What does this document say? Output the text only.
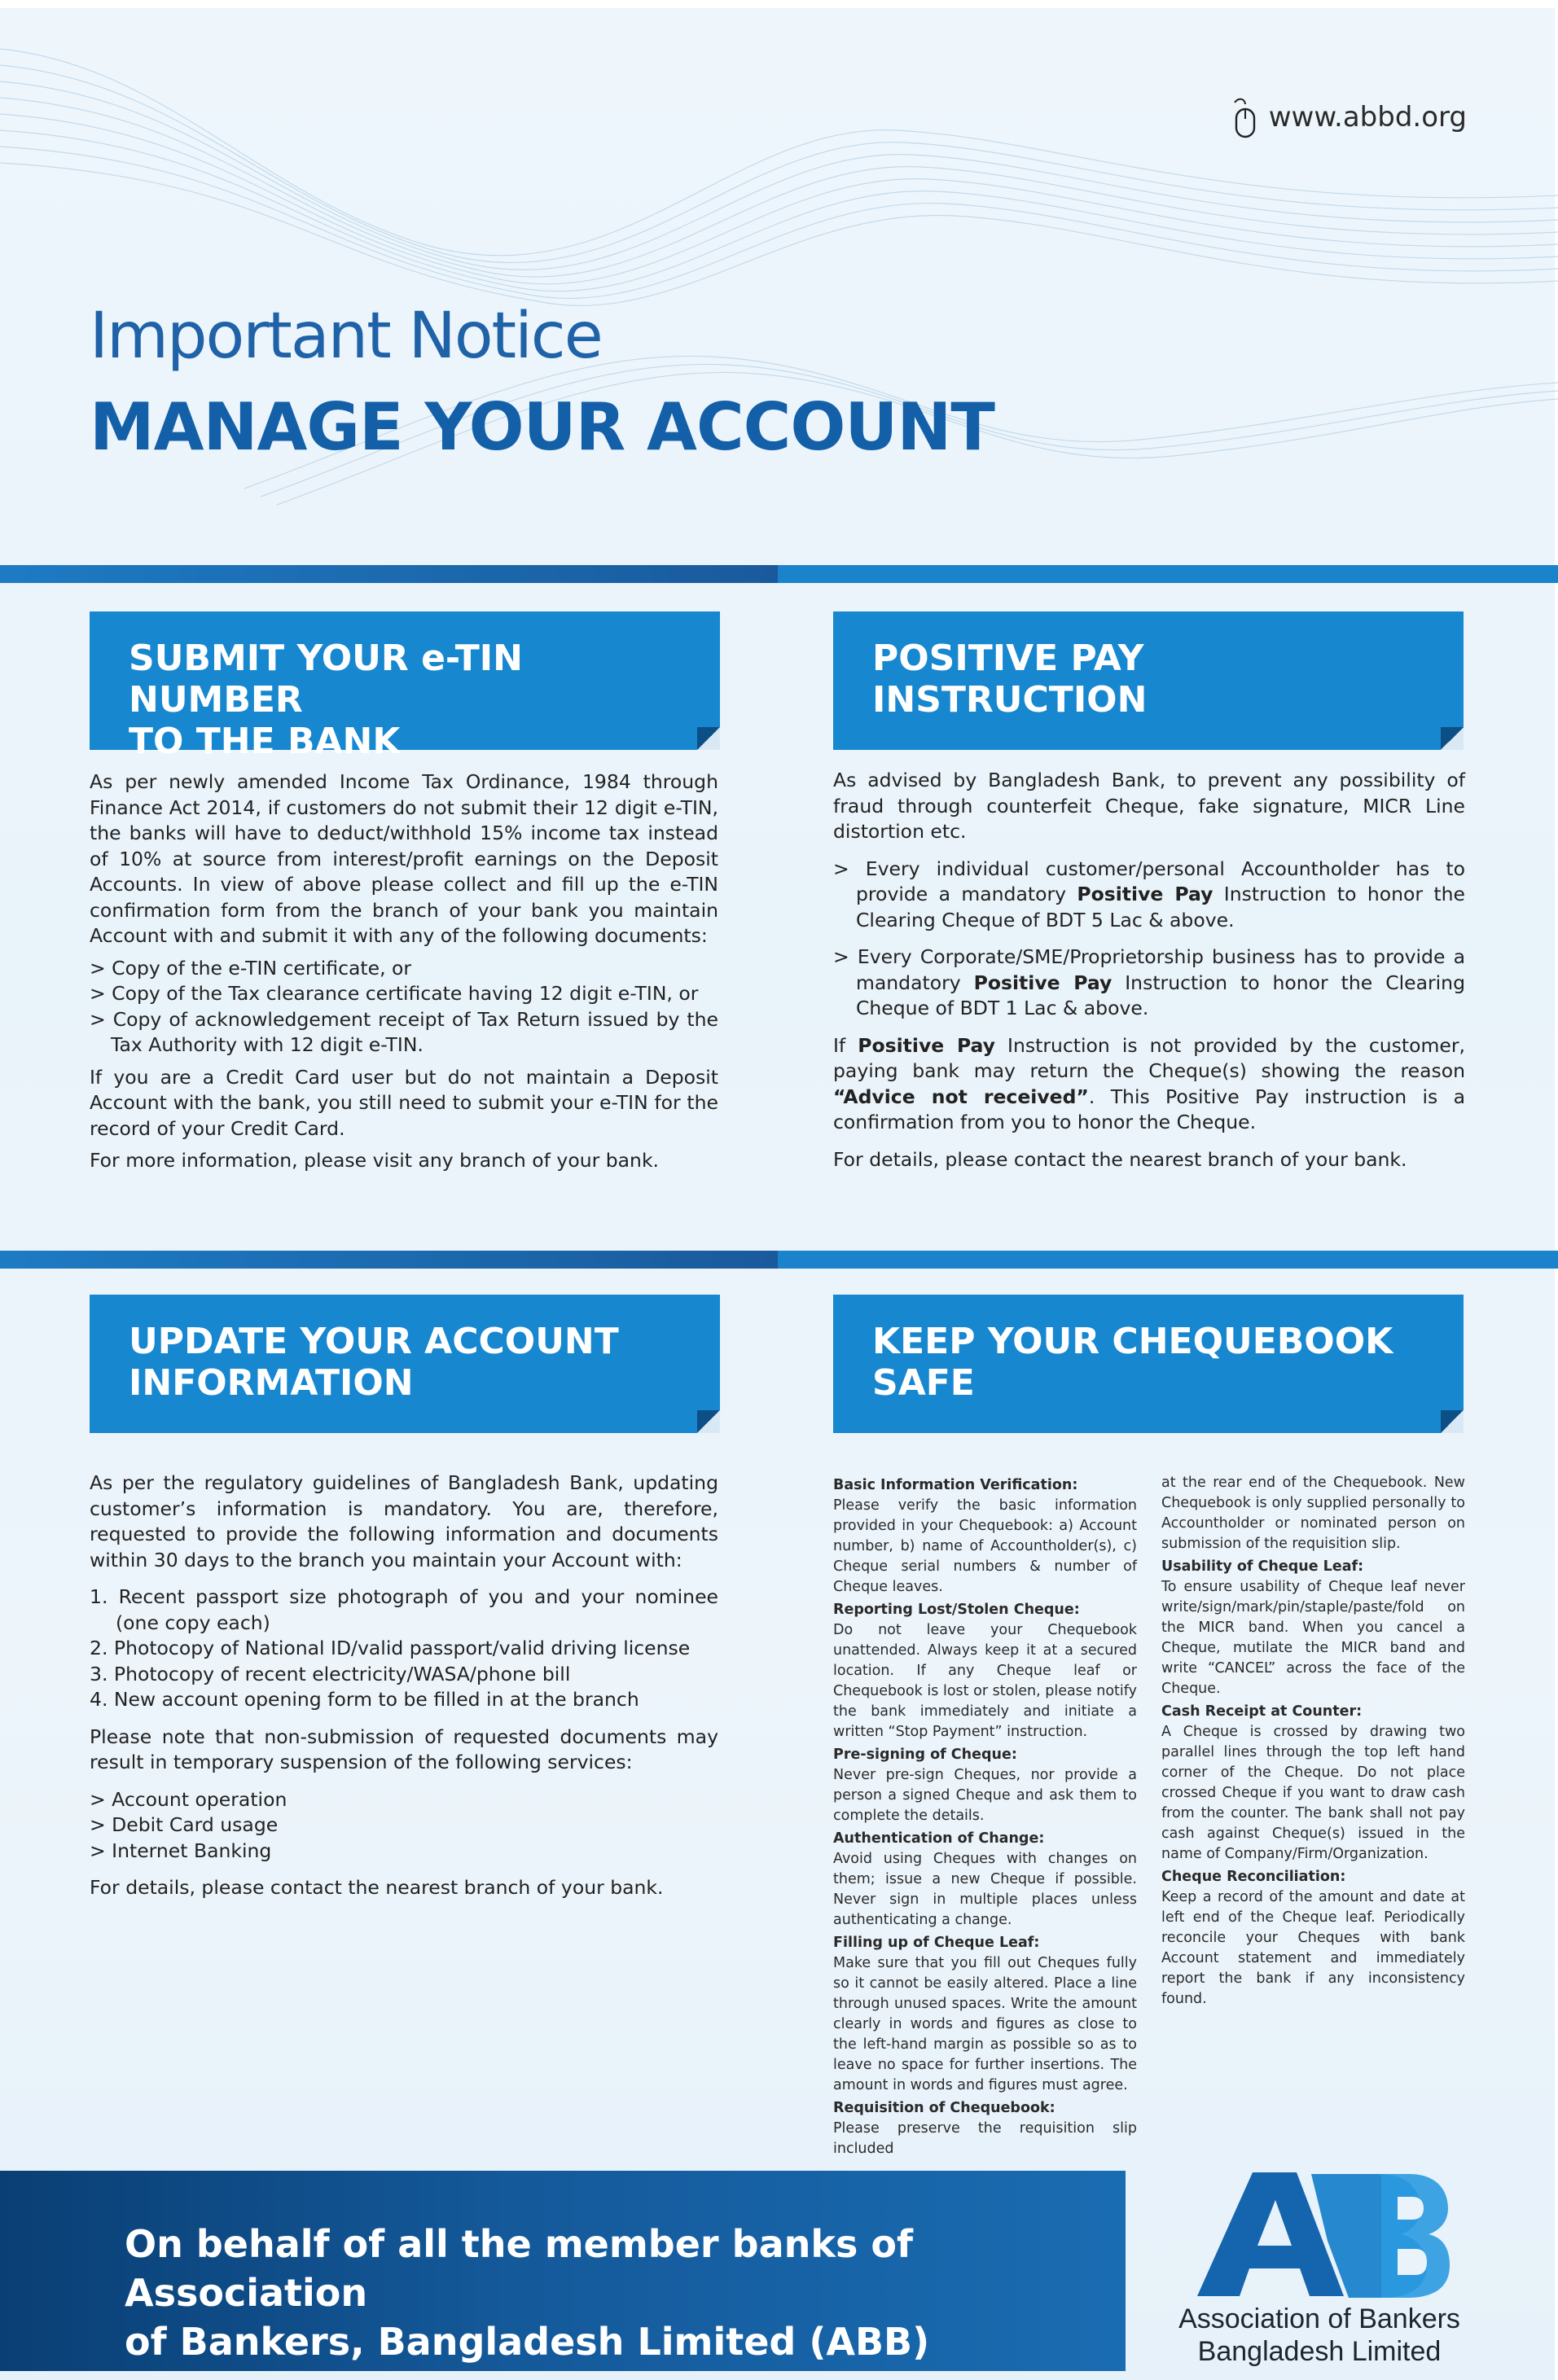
www.abbd.org
Important Notice
MANAGE YOUR ACCOUNT
SUBMIT YOUR e-TIN NUMBER
TO THE BANK

As per newly amended Income Tax Ordinance, 1984 through Finance Act 2014, if customers do not submit their 12 digit e-TIN, the banks will have to deduct/withhold 15% income tax instead of 10% at source from interest/profit earnings on the Deposit Accounts. In view of above please collect and fill up the e-TIN confirmation form from the branch of your bank you maintain Account with and submit it with any of the following documents:

> Copy of the e-TIN certificate, or
> Copy of the Tax clearance certificate having 12 digit e-TIN, or
> Copy of acknowledgement receipt of Tax Return issued by the Tax Authority with 12 digit e-TIN.

If you are a Credit Card user but do not maintain a Deposit Account with the bank, you still need to submit your e-TIN for the record of your Credit Card.

For more information, please visit any branch of your bank.

POSITIVE PAY
INSTRUCTION

As advised by Bangladesh Bank, to prevent any possibility of fraud through counterfeit Cheque, fake signature, MICR Line distortion etc.

> Every individual customer/personal Accountholder has to provide a mandatory Positive Pay Instruction to honor the Clearing Cheque of BDT 5 Lac & above.
> Every Corporate/SME/Proprietorship business has to provide a mandatory Positive Pay Instruction to honor the Clearing Cheque of BDT 1 Lac & above.

If Positive Pay Instruction is not provided by the customer, paying bank may return the Cheque(s) showing the reason “Advice not received”. This Positive Pay instruction is a confirmation from you to honor the Cheque.

For details, please contact the nearest branch of your bank.

UPDATE YOUR ACCOUNT
INFORMATION

As per the regulatory guidelines of Bangladesh Bank, updating customer’s information is mandatory. You are, therefore, requested to provide the following information and documents within 30 days to the branch you maintain your Account with:

1. Recent passport size photograph of you and your nominee (one copy each)
2. Photocopy of National ID/valid passport/valid driving license
3. Photocopy of recent electricity/WASA/phone bill
4. New account opening form to be filled in at the branch

Please note that non-submission of requested documents may result in temporary suspension of the following services:

> Account operation
> Debit Card usage
> Internet Banking

For details, please contact the nearest branch of your bank.

KEEP YOUR CHEQUEBOOK
SAFE
Basic Information Verification:
Please verify the basic information provided in your Chequebook: a) Account number, b) name of Accountholder(s), c) Cheque serial numbers & number of Cheque leaves.
Reporting Lost/Stolen Cheque:
Do not leave your Chequebook unattended. Always keep it at a secured location. If any Cheque leaf or Chequebook is lost or stolen, please notify the bank immediately and initiate a written “Stop Payment” instruction.
Pre-signing of Cheque:
Never pre-sign Cheques, nor provide a person a signed Cheque and ask them to complete the details.
Authentication of Change:
Avoid using Cheques with changes on them; issue a new Cheque if possible. Never sign in multiple places unless authenticating a change.
Filling up of Cheque Leaf:
Make sure that you fill out Cheques fully so it cannot be easily altered. Place a line through unused spaces. Write the amount clearly in words and figures as close to the left-hand margin as possible so as to leave no space for further insertions. The amount in words and figures must agree.
Requisition of Chequebook:
Please preserve the requisition slip included
at the rear end of the Chequebook. New Chequebook is only supplied personally to Accountholder or nominated person on submission of the requisition slip.
Usability of Cheque Leaf:
To ensure usability of Cheque leaf never write/sign/mark/pin/staple/paste/fold on the MICR band. When you cancel a Cheque, mutilate the MICR band and write “CANCEL” across the face of the Cheque.
Cash Receipt at Counter:
A Cheque is crossed by drawing two parallel lines through the top left hand corner of the Cheque. Do not place crossed Cheque if you want to draw cash from the counter. The bank shall not pay cash against Cheque(s) issued in the name of Company/Firm/Organization.
Cheque Reconciliation:
Keep a record of the amount and date at left end of the Cheque leaf. Periodically reconcile your Cheques with bank Account statement and immediately report the bank if any inconsistency found.
On behalf of all the member banks of Association
of Bankers, Bangladesh Limited (ABB)
Association of Bankers
Bangladesh Limited
